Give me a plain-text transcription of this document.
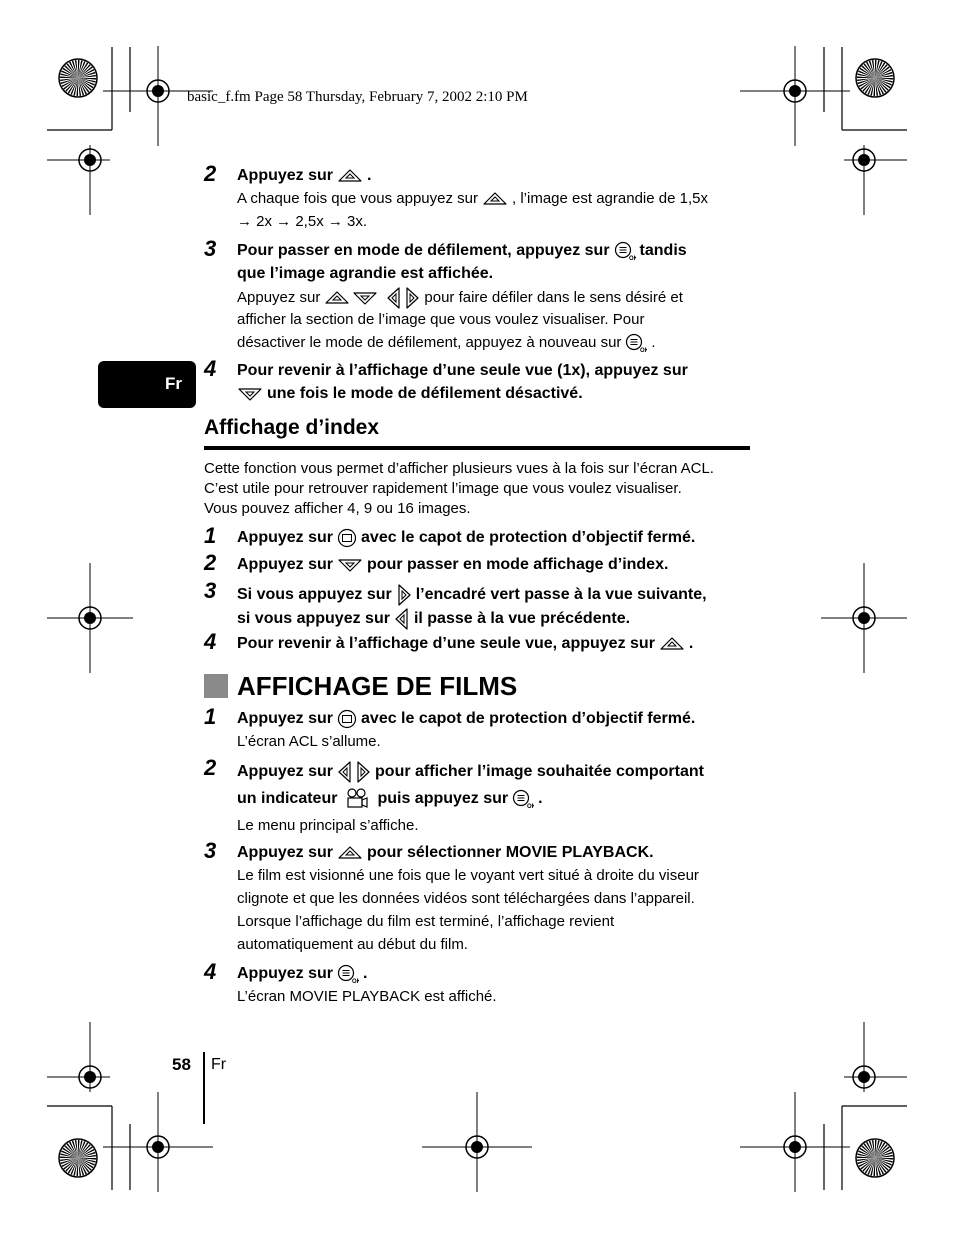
basic_f.fm Page 58 Thursday, February 7, 2002 2:10 PM
Fr
2 Appuyez sur .
A chaque fois que vous appuyez sur , l’image est agrandie de 1,5x
→ 2x → 2,5x → 3x.
3 Pour passer en mode de défilement, appuyez sur tandis
que l’image agrandie est affichée.
Appuyez sur	pour faire défiler dans le sens désiré et
afficher la section de l’image que vous voulez visualiser. Pour
désactiver le mode de défilement, appuyez à nouveau sur .
4 Pour revenir à l’affichage d’une seule vue (1x), appuyez sur
une fois le mode de défilement désactivé.
Affichage d’index
Cette fonction vous permet d’afficher plusieurs vues à la fois sur l’écran ACL.
C’est utile pour retrouver rapidement l’image que vous voulez visualiser.
Vous pouvez afficher 4, 9 ou 16 images.
1 Appuyez sur avec le capot de protection d’objectif fermé.
2 Appuyez sur pour passer en mode affichage d’index.
3 Si vous appuyez sur l’encadré vert passe à la vue suivante,
si vous appuyez sur il passe à la vue précédente.
4 Pour revenir à l’affichage d’une seule vue, appuyez sur .
AFFICHAGE DE FILMS
1 Appuyez sur avec le capot de protection d’objectif fermé.
L’écran ACL s’allume.
2 Appuyez sur	pour afficher l’image souhaitée comportant
un indicateur	puis appuyez sur .
Le menu principal s’affiche.
3 Appuyez sur pour sélectionner MOVIE PLAYBACK.
Le film est visionné une fois que le voyant vert situé à droite du viseur
clignote et que les données vidéos sont téléchargées dans l’appareil.
Lorsque l’affichage du film est terminé, l’affichage revient
automatiquement au début du film.
4 Appuyez sur .
L’écran MOVIE PLAYBACK est affiché.
58 Fr
